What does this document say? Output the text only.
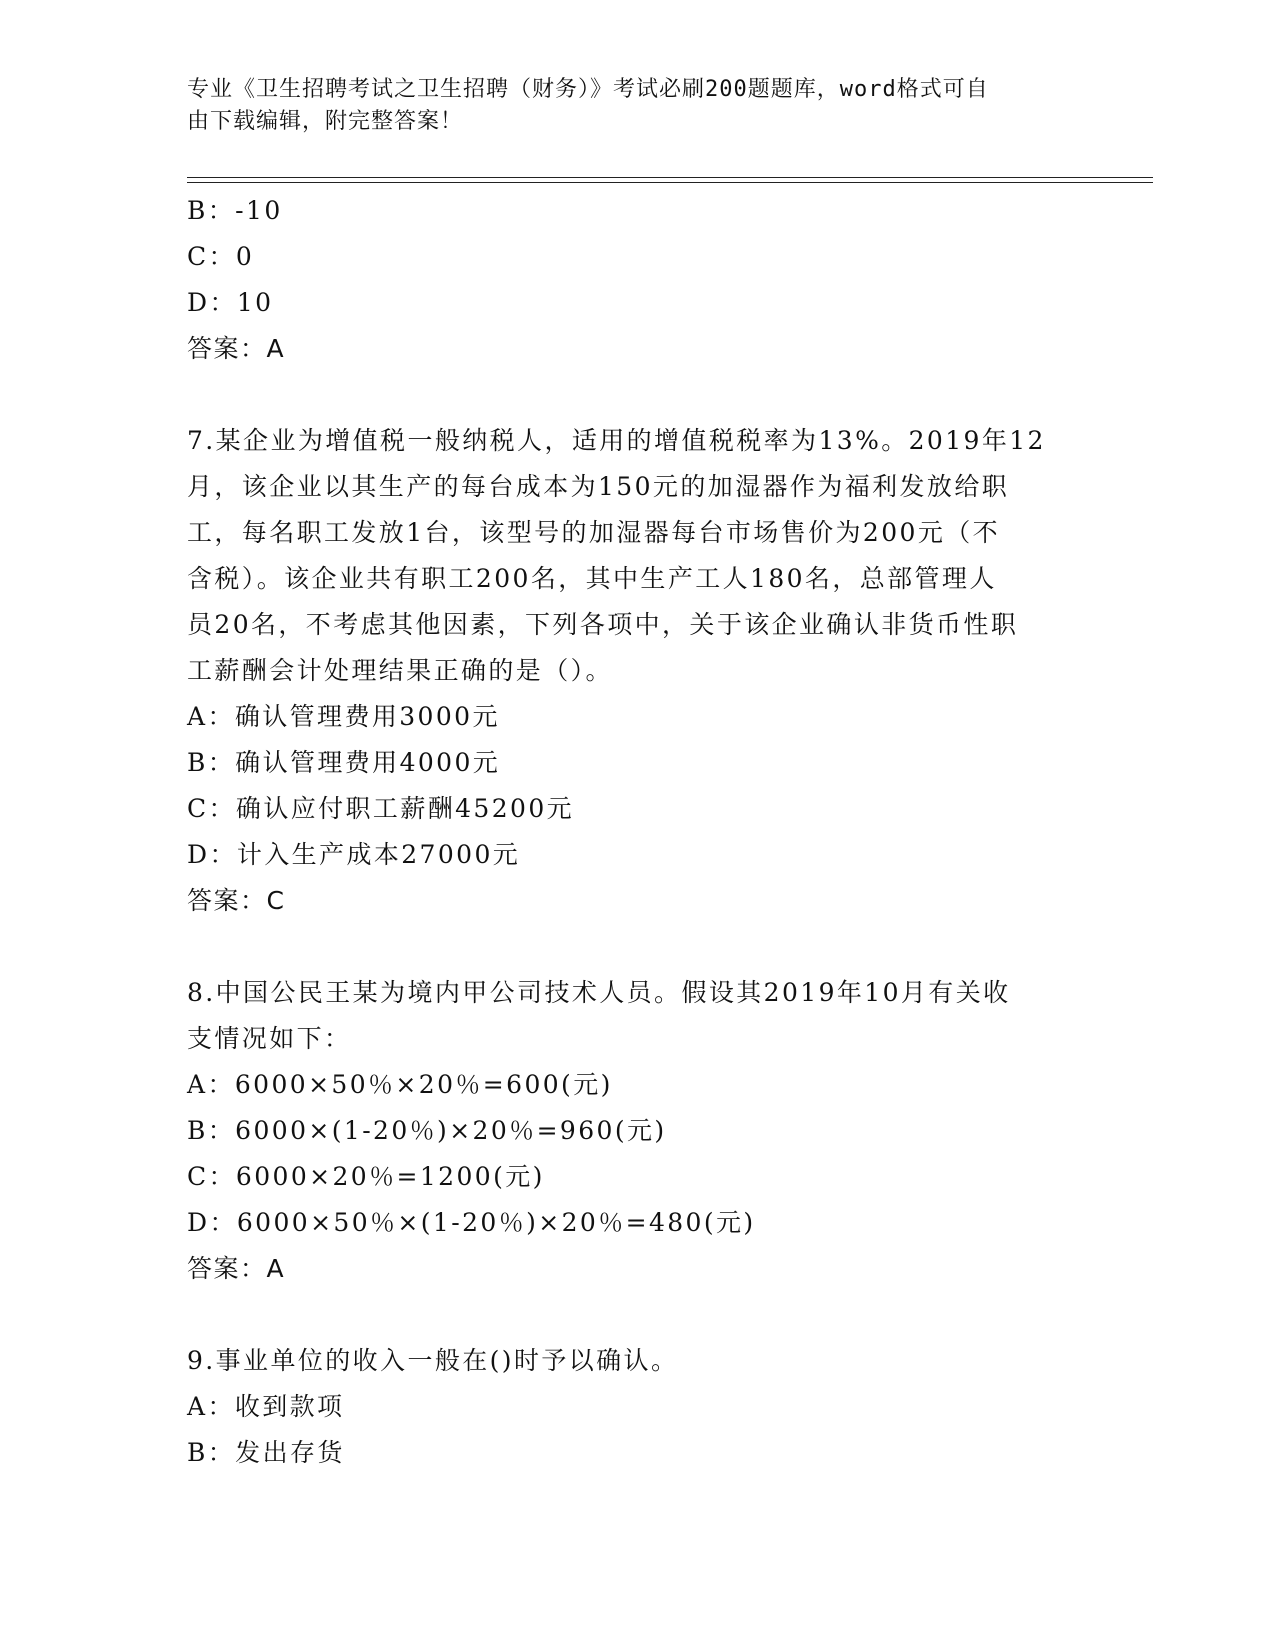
专业《卫生招聘考试之卫生招聘（财务）》考试必刷200题题库，word格式可自
由下载编辑，附完整答案！
B：-10
C：0
D：10
答案：A
7.某企业为增值税一般纳税人，适用的增值税税率为13%。2019年12
月，该企业以其生产的每台成本为150元的加湿器作为福利发放给职
工，每名职工发放1台，该型号的加湿器每台市场售价为200元（不
含税）。该企业共有职工200名，其中生产工人180名，总部管理人
员20名，不考虑其他因素，下列各项中，关于该企业确认非货币性职
工薪酬会计处理结果正确的是（）。
A：确认管理费用3000元
B：确认管理费用4000元
C：确认应付职工薪酬45200元
D：计入生产成本27000元
答案：C
8.中国公民王某为境内甲公司技术人员。假设其2019年10月有关收
支情况如下：
A：6000×50％×20％=600(元)
B：6000×(1-20％)×20％=960(元)
C：6000×20％=1200(元)
D：6000×50％×(1-20％)×20％=480(元)
答案：A
9.事业单位的收入一般在()时予以确认。
A：收到款项
B：发出存货
